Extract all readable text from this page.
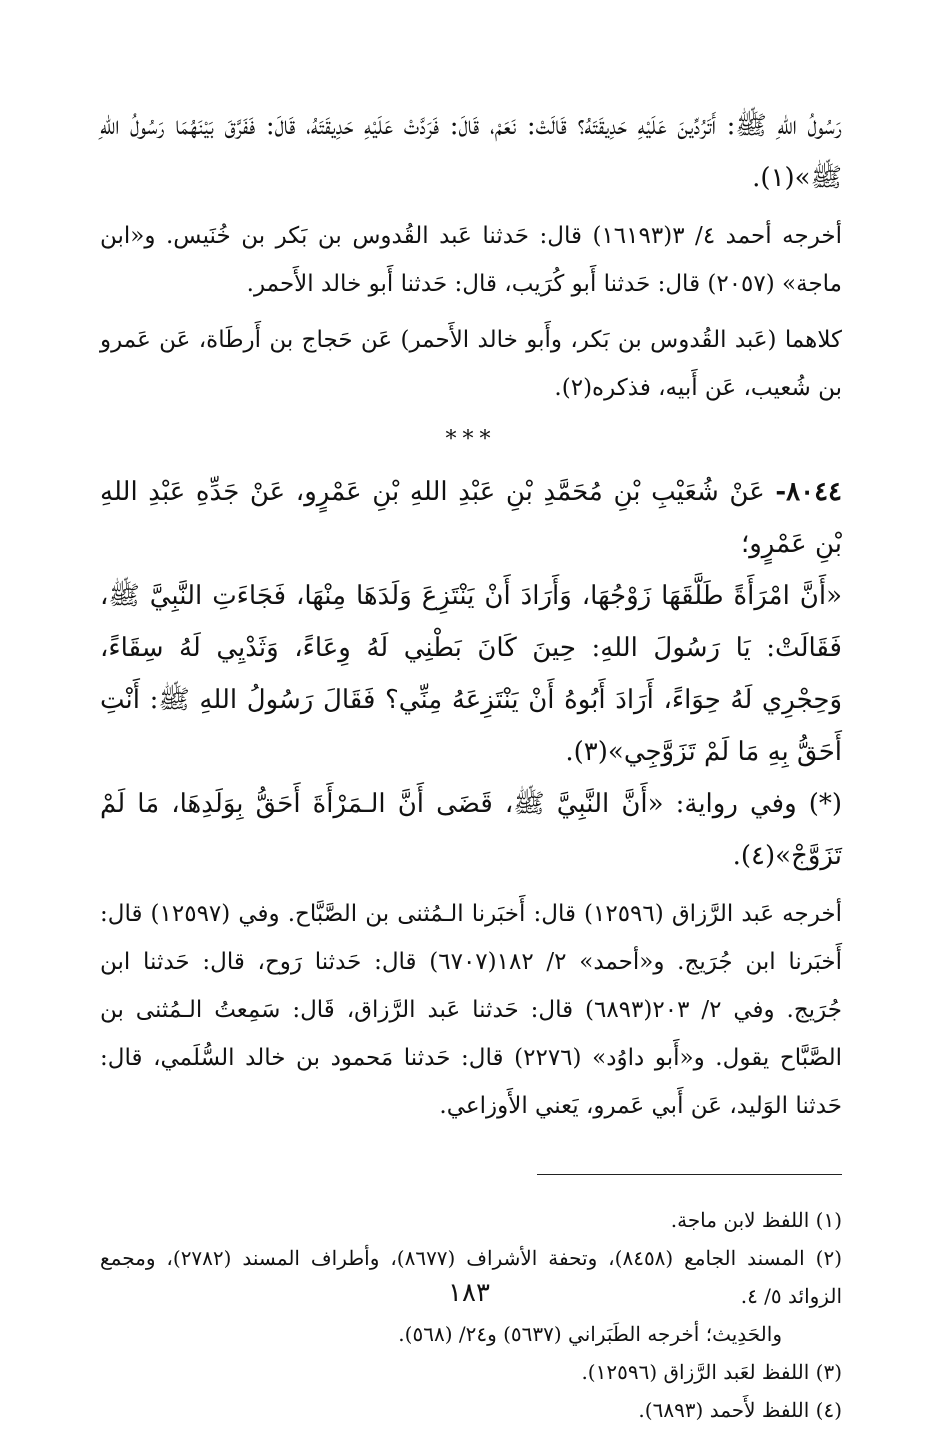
رَسُولُ اللهِ ﷺ: أَتَرُدِّينَ عَلَيْهِ حَدِيقَتَهُ؟ قَالَتْ: نَعَمْ، قَالَ: فَرَدَّتْ عَلَيْهِ حَدِيقَتَهُ، قَالَ: فَفَرَّقَ بَيْنَهُمَا رَسُولُ اللهِ ﷺ»(١).

أخرجه أحمد ٤/ ٣(١٦١٩٣) قال: حَدثنا عَبد القُدوس بن بَكر بن خُنَيس. و«ابن ماجة» (٢٠٥٧) قال: حَدثنا أَبو كُرَيب، قال: حَدثنا أَبو خالد الأَحمر.

كلاهما (عَبد القُدوس بن بَكر، وأَبو خالد الأَحمر) عَن حَجاج بن أَرطَاة، عَن عَمرو بن شُعيب، عَن أَبيه، فذكره(٢).

***

٨٠٤٤- عَنْ شُعَيْبِ بْنِ مُحَمَّدِ بْنِ عَبْدِ اللهِ بْنِ عَمْرٍو، عَنْ جَدِّهِ عَبْدِ اللهِ بْنِ عَمْرٍو؛

«أَنَّ امْرَأَةً طَلَّقَهَا زَوْجُهَا، وَأَرَادَ أَنْ يَنْتَزِعَ وَلَدَهَا مِنْهَا، فَجَاءَتِ النَّبِيَّ ﷺ، فَقَالَتْ: يَا رَسُولَ اللهِ: حِينَ كَانَ بَطْنِي لَهُ وِعَاءً، وَثَدْيِي لَهُ سِقَاءً، وَحِجْرِي لَهُ حِوَاءً، أَرَادَ أَبُوهُ أَنْ يَنْتَزِعَهُ مِنِّي؟ فَقَالَ رَسُولُ اللهِ ﷺ: أَنْتِ أَحَقُّ بِهِ مَا لَمْ تَزَوَّجِي»(٣).

(*) وفي رواية: «أَنَّ النَّبِيَّ ﷺ، قَضَى أَنَّ الـمَرْأَةَ أَحَقُّ بِوَلَدِهَا، مَا لَمْ تَزَوَّجْ»(٤).

أخرجه عَبد الرَّزاق (١٢٥٩٦) قال: أَخبَرنا الـمُثنى بن الصَّبَّاح. وفي (١٢٥٩٧) قال: أَخبَرنا ابن جُرَيج. و«أحمد» ٢/ ١٨٢(٦٧٠٧) قال: حَدثنا رَوح، قال: حَدثنا ابن جُرَيج. وفي ٢/ ٢٠٣(٦٨٩٣) قال: حَدثنا عَبد الرَّزاق، قَال: سَمِعتُ الـمُثنى بن الصَّبَّاح يقول. و«أَبو داوُد» (٢٢٧٦) قال: حَدثنا مَحمود بن خالد السُّلَمي، قال: حَدثنا الوَليد، عَن أَبي عَمرو، يَعني الأَوزاعي.

(١) اللفظ لابن ماجة.

(٢) المسند الجامع (٨٤٥٨)، وتحفة الأشراف (٨٦٧٧)، وأطراف المسند (٢٧٨٢)، ومجمع الزوائد ٥/ ٤.

والحَدِيث؛ أخرجه الطَبَراني (٥٦٣٧) و٢٤/ (٥٦٨).

(٣) اللفظ لعَبد الرَّزاق (١٢٥٩٦).

(٤) اللفظ لأَحمد (٦٨٩٣).

١٨٣
